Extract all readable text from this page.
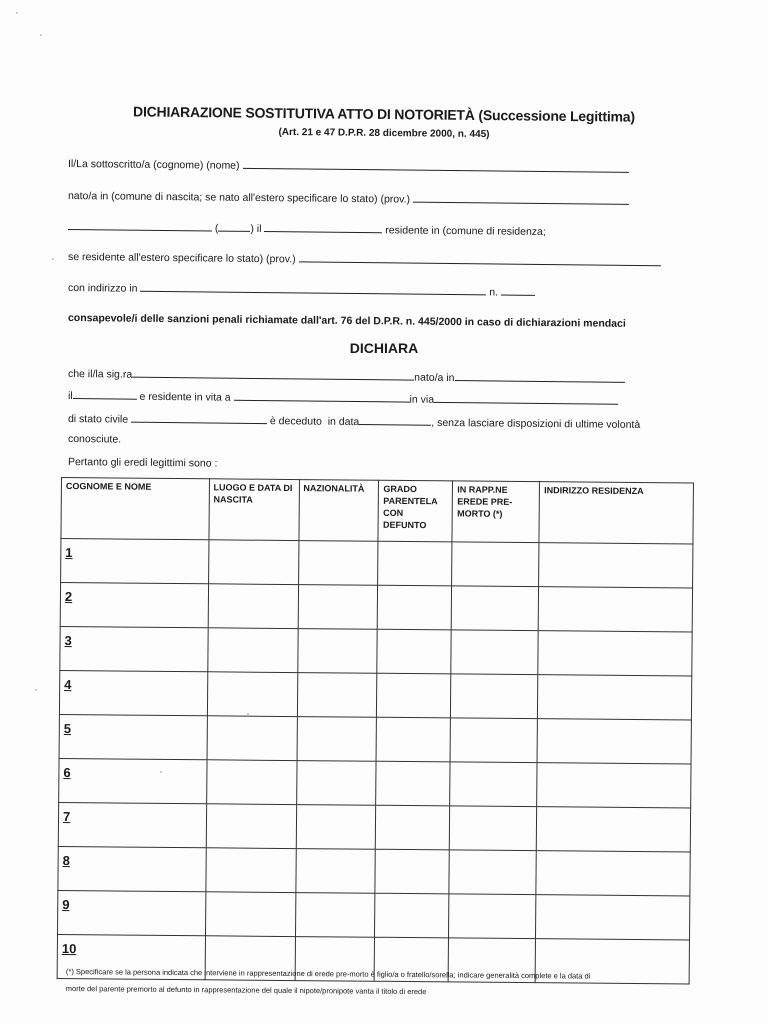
DICHIARAZIONE SOSTITUTIVA ATTO DI NOTORIETÀ (Successione Legittima)
(Art. 21 e 47 D.P.R. 28 dicembre 2000, n. 445)
Il/La sottoscritto/a (cognome) (nome)
nato/a in (comune di nascita; se nato all'estero specificare lo stato) (prov.)
(	) il	residente in (comune di residenza;
se residente all'estero specificare lo stato) (prov.)
con indirizzo in	n.
consapevole/i delle sanzioni penali richiamate dall'art. 76 del D.P.R. n. 445/2000 in caso di dichiarazioni mendaci
DICHIARA
che il/la sig.ra	nato/a in
il	e residente in vita a	in via
di stato civile	è deceduto in data	, senza lasciare disposizioni di ultime volontà
conosciute.
Pertanto gli eredi legittimi sono :
COGNOME E NOME	LUOGO E DATA DI NASCITA	NAZIONALITÀ	GRADO PARENTELA CON DEFUNTO	IN RAPP.NE EREDE PRE-MORTO (*)	INDIRIZZO RESIDENZA
1					
2					
3					
4					
5					
6					
7					
8					
9					
10					
(*) Specificare se la persona indicata che interviene in rappresentazione di erede pre-morto è figlio/a o fratello/sorella; indicare generalità complete e la data di
morte del parente premorto al defunto in rappresentazione del quale il nipote/pronipote vanta il titolo di erede
